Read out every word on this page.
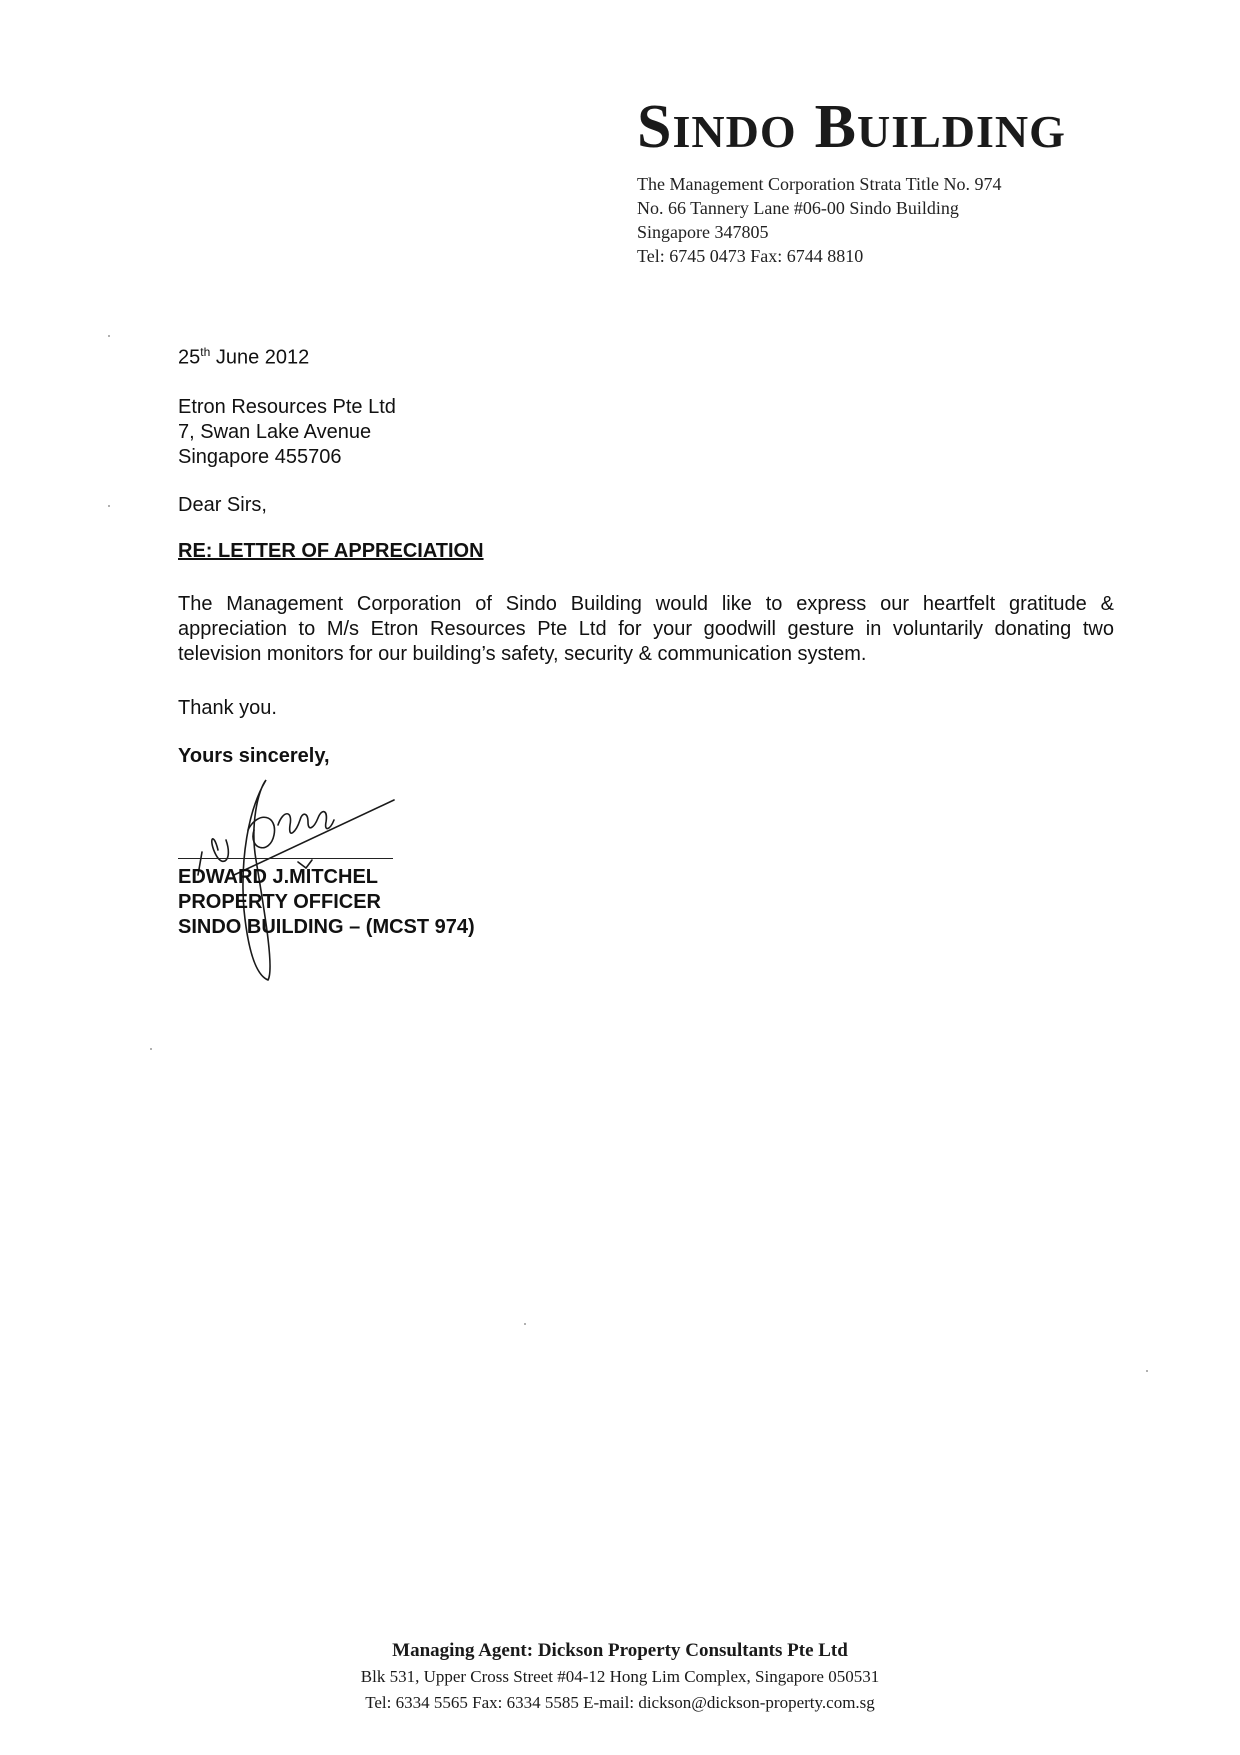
SINDO BUILDING
The Management Corporation Strata Title No. 974
No. 66 Tannery Lane #06-00 Sindo Building
Singapore 347805
Tel: 6745 0473 Fax: 6744 8810
25th June 2012
Etron Resources Pte Ltd
7, Swan Lake Avenue
Singapore 455706
Dear Sirs,
RE: LETTER OF APPRECIATION
The Management Corporation of Sindo Building would like to express our heartfelt gratitude & appreciation to M/s Etron Resources Pte Ltd for your goodwill gesture in voluntarily donating two television monitors for our building’s safety, security & communication system.
Thank you.
Yours sincerely,
EDWARD J.MITCHEL
PROPERTY OFFICER
SINDO BUILDING – (MCST 974)
Managing Agent: Dickson Property Consultants Pte Ltd
Blk 531, Upper Cross Street #04-12 Hong Lim Complex, Singapore 050531
Tel: 6334 5565 Fax: 6334 5585 E-mail: dickson@dickson-property.com.sg
